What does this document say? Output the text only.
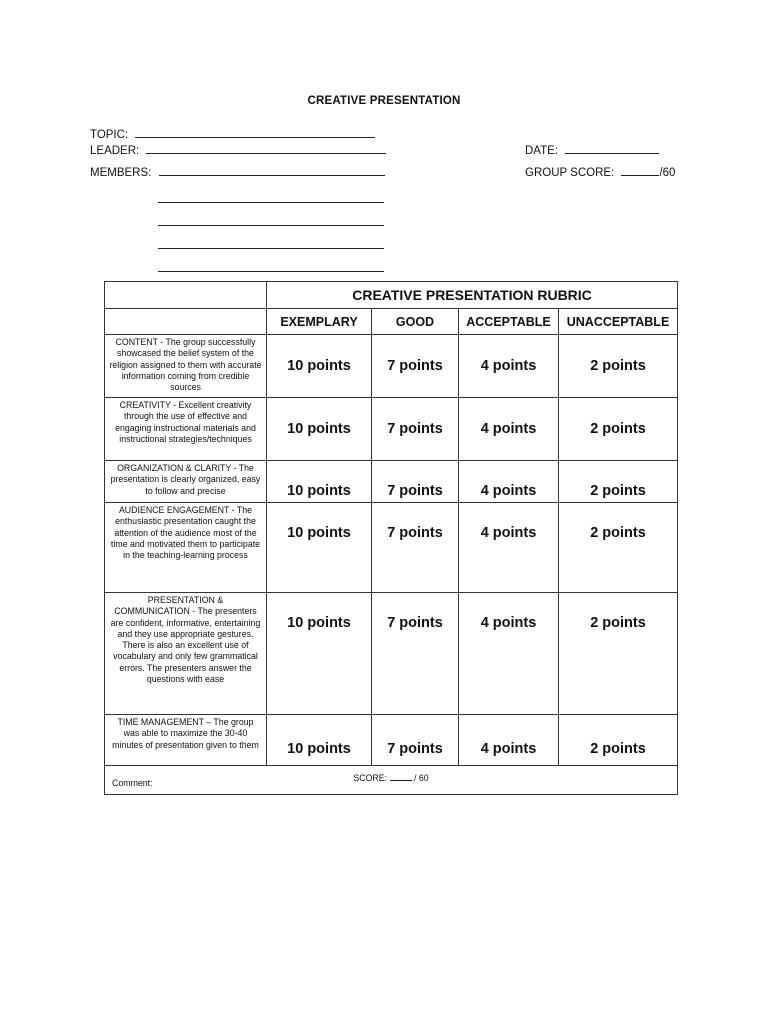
CREATIVE PRESENTATION
TOPIC:
LEADER:	DATE:
MEMBERS:	GROUP SCORE:	/60
	CREATIVE PRESENTATION RUBRIC			
	EXEMPLARY	GOOD	ACCEPTABLE	UNACCEPTABLE
CONTENT - The group successfully showcased the belief system of the religion assigned to them with accurate information coming from credible sources	10 points	7 points	4 points	2 points
CREATIVITY - Excellent creativity through the use of effective and engaging instructional materials and instructional strategies/techniques	10 points	7 points	4 points	2 points
ORGANIZATION & CLARITY - The presentation is clearly organized, easy to follow and precise	10 points	7 points	4 points	2 points
AUDIENCE ENGAGEMENT - The enthusiastic presentation caught the attention of the audience most of the time and motivated them to participate in the teaching-learning process	10 points	7 points	4 points	2 points
PRESENTATION & COMMUNICATION - The presenters are confident, informative, entertaining and they use appropriate gestures. There is also an excellent use of vocabulary and only few grammatical errors. The presenters answer the questions with ease	10 points	7 points	4 points	2 points
TIME MANAGEMENT – The group was able to maximize the 30-40 minutes of presentation given to them	10 points	7 points	4 points	2 points
SCORE: / 60
Comment:				
